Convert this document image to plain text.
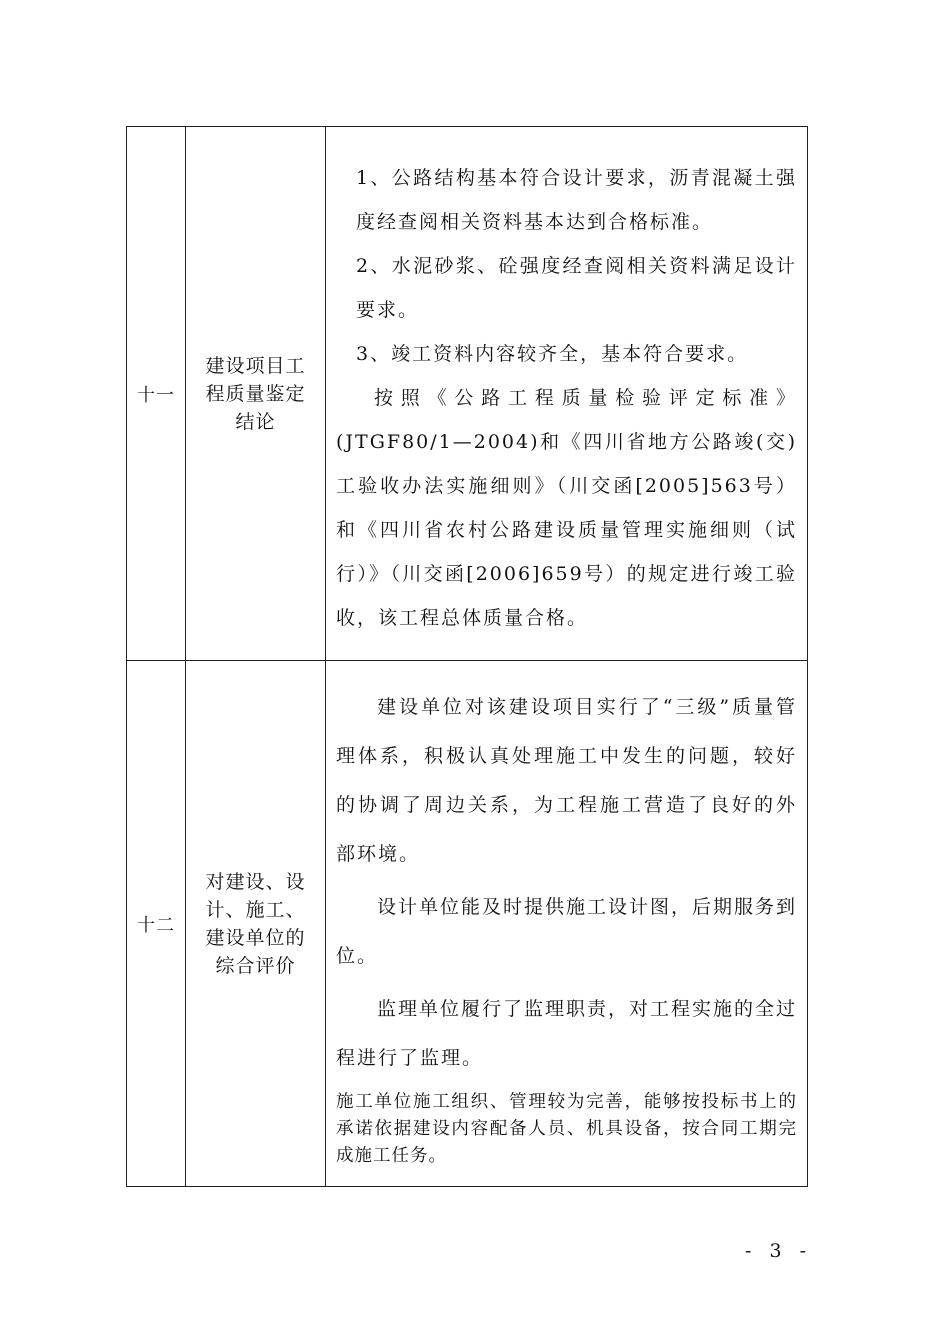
十一	建设项目工程质量鉴定结论	1、公路结构基本符合设计要求，沥青混凝土强度经查阅相关资料基本达到合格标准。

2、水泥砂浆、砼强度经查阅相关资料满足设计要求。

3、竣工资料内容较齐全，基本符合要求。

按照《公路工程质量检验评定标准》(JTGF80/1—2004)和《四川省地方公路竣(交)工验收办法实施细则》（川交函[2005]563号）和《四川省农村公路建设质量管理实施细则（试行）》（川交函[2006]659号）的规定进行竣工验收，该工程总体质量合格。

十二	对建设、设计、施工、建设单位的综合评价	建设单位对该建设项目实行了“三级”质量管理体系，积极认真处理施工中发生的问题，较好的协调了周边关系，为工程施工营造了良好的外部环境。

设计单位能及时提供施工设计图，后期服务到位。

监理单位履行了监理职责，对工程实施的全过程进行了监理。

施工单位施工组织、管理较为完善，能够按投标书上的承诺依据建设内容配备人员、机具设备，按合同工期完成施工任务。

- 3 -
